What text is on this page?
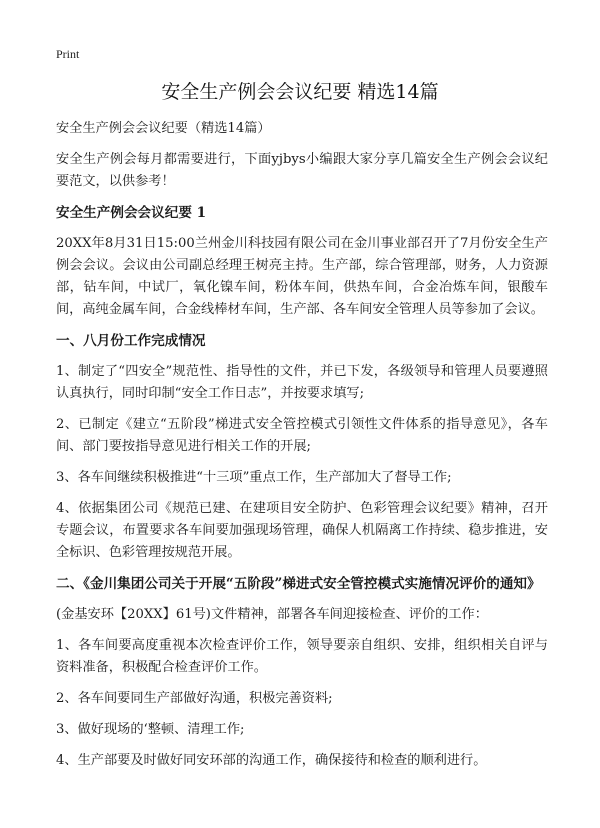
Print
安全生产例会会议纪要 精选14篇

安全生产例会会议纪要（精选14篇）

安全生产例会每月都需要进行，下面yjbys小编跟大家分享几篇安全生产例会会议纪要范文，以供参考！

安全生产例会会议纪要 1

20XX年8月31日15:00兰州金川科技园有限公司在金川事业部召开了7月份安全生产例会会议。会议由公司副总经理王树亮主持。生产部，综合管理部，财务，人力资源部，钻车间，中试厂，氧化镍车间，粉体车间，供热车间，合金冶炼车间，银酸车间，高纯金属车间，合金线棒材车间，生产部、各车间安全管理人员等参加了会议。

一、八月份工作完成情况

1、制定了“四安全”规范性、指导性的文件，并已下发，各级领导和管理人员要遵照认真执行，同时印制“安全工作日志”，并按要求填写;

2、已制定《建立“五阶段”梯进式安全管控模式引领性文件体系的指导意见》，各车间、部门要按指导意见进行相关工作的开展;

3、各车间继续积极推进“十三项”重点工作，生产部加大了督导工作;

4、依据集团公司《规范已建、在建项目安全防护、色彩管理会议纪要》精神，召开专题会议，布置要求各车间要加强现场管理，确保人机隔离工作持续、稳步推进，安全标识、色彩管理按规范开展。

二、《金川集团公司关于开展“五阶段”梯进式安全管控模式实施情况评价的通知》

(金基安环【20XX】61号)文件精神，部署各车间迎接检查、评价的工作：

1、各车间要高度重视本次检查评价工作，领导要亲自组织、安排，组织相关自评与资料准备，积极配合检查评价工作。

2、各车间要同生产部做好沟通，积极完善资料;

3、做好现场的‘整顿、清理工作;

4、生产部要及时做好同安环部的沟通工作，确保接待和检查的顺利进行。
